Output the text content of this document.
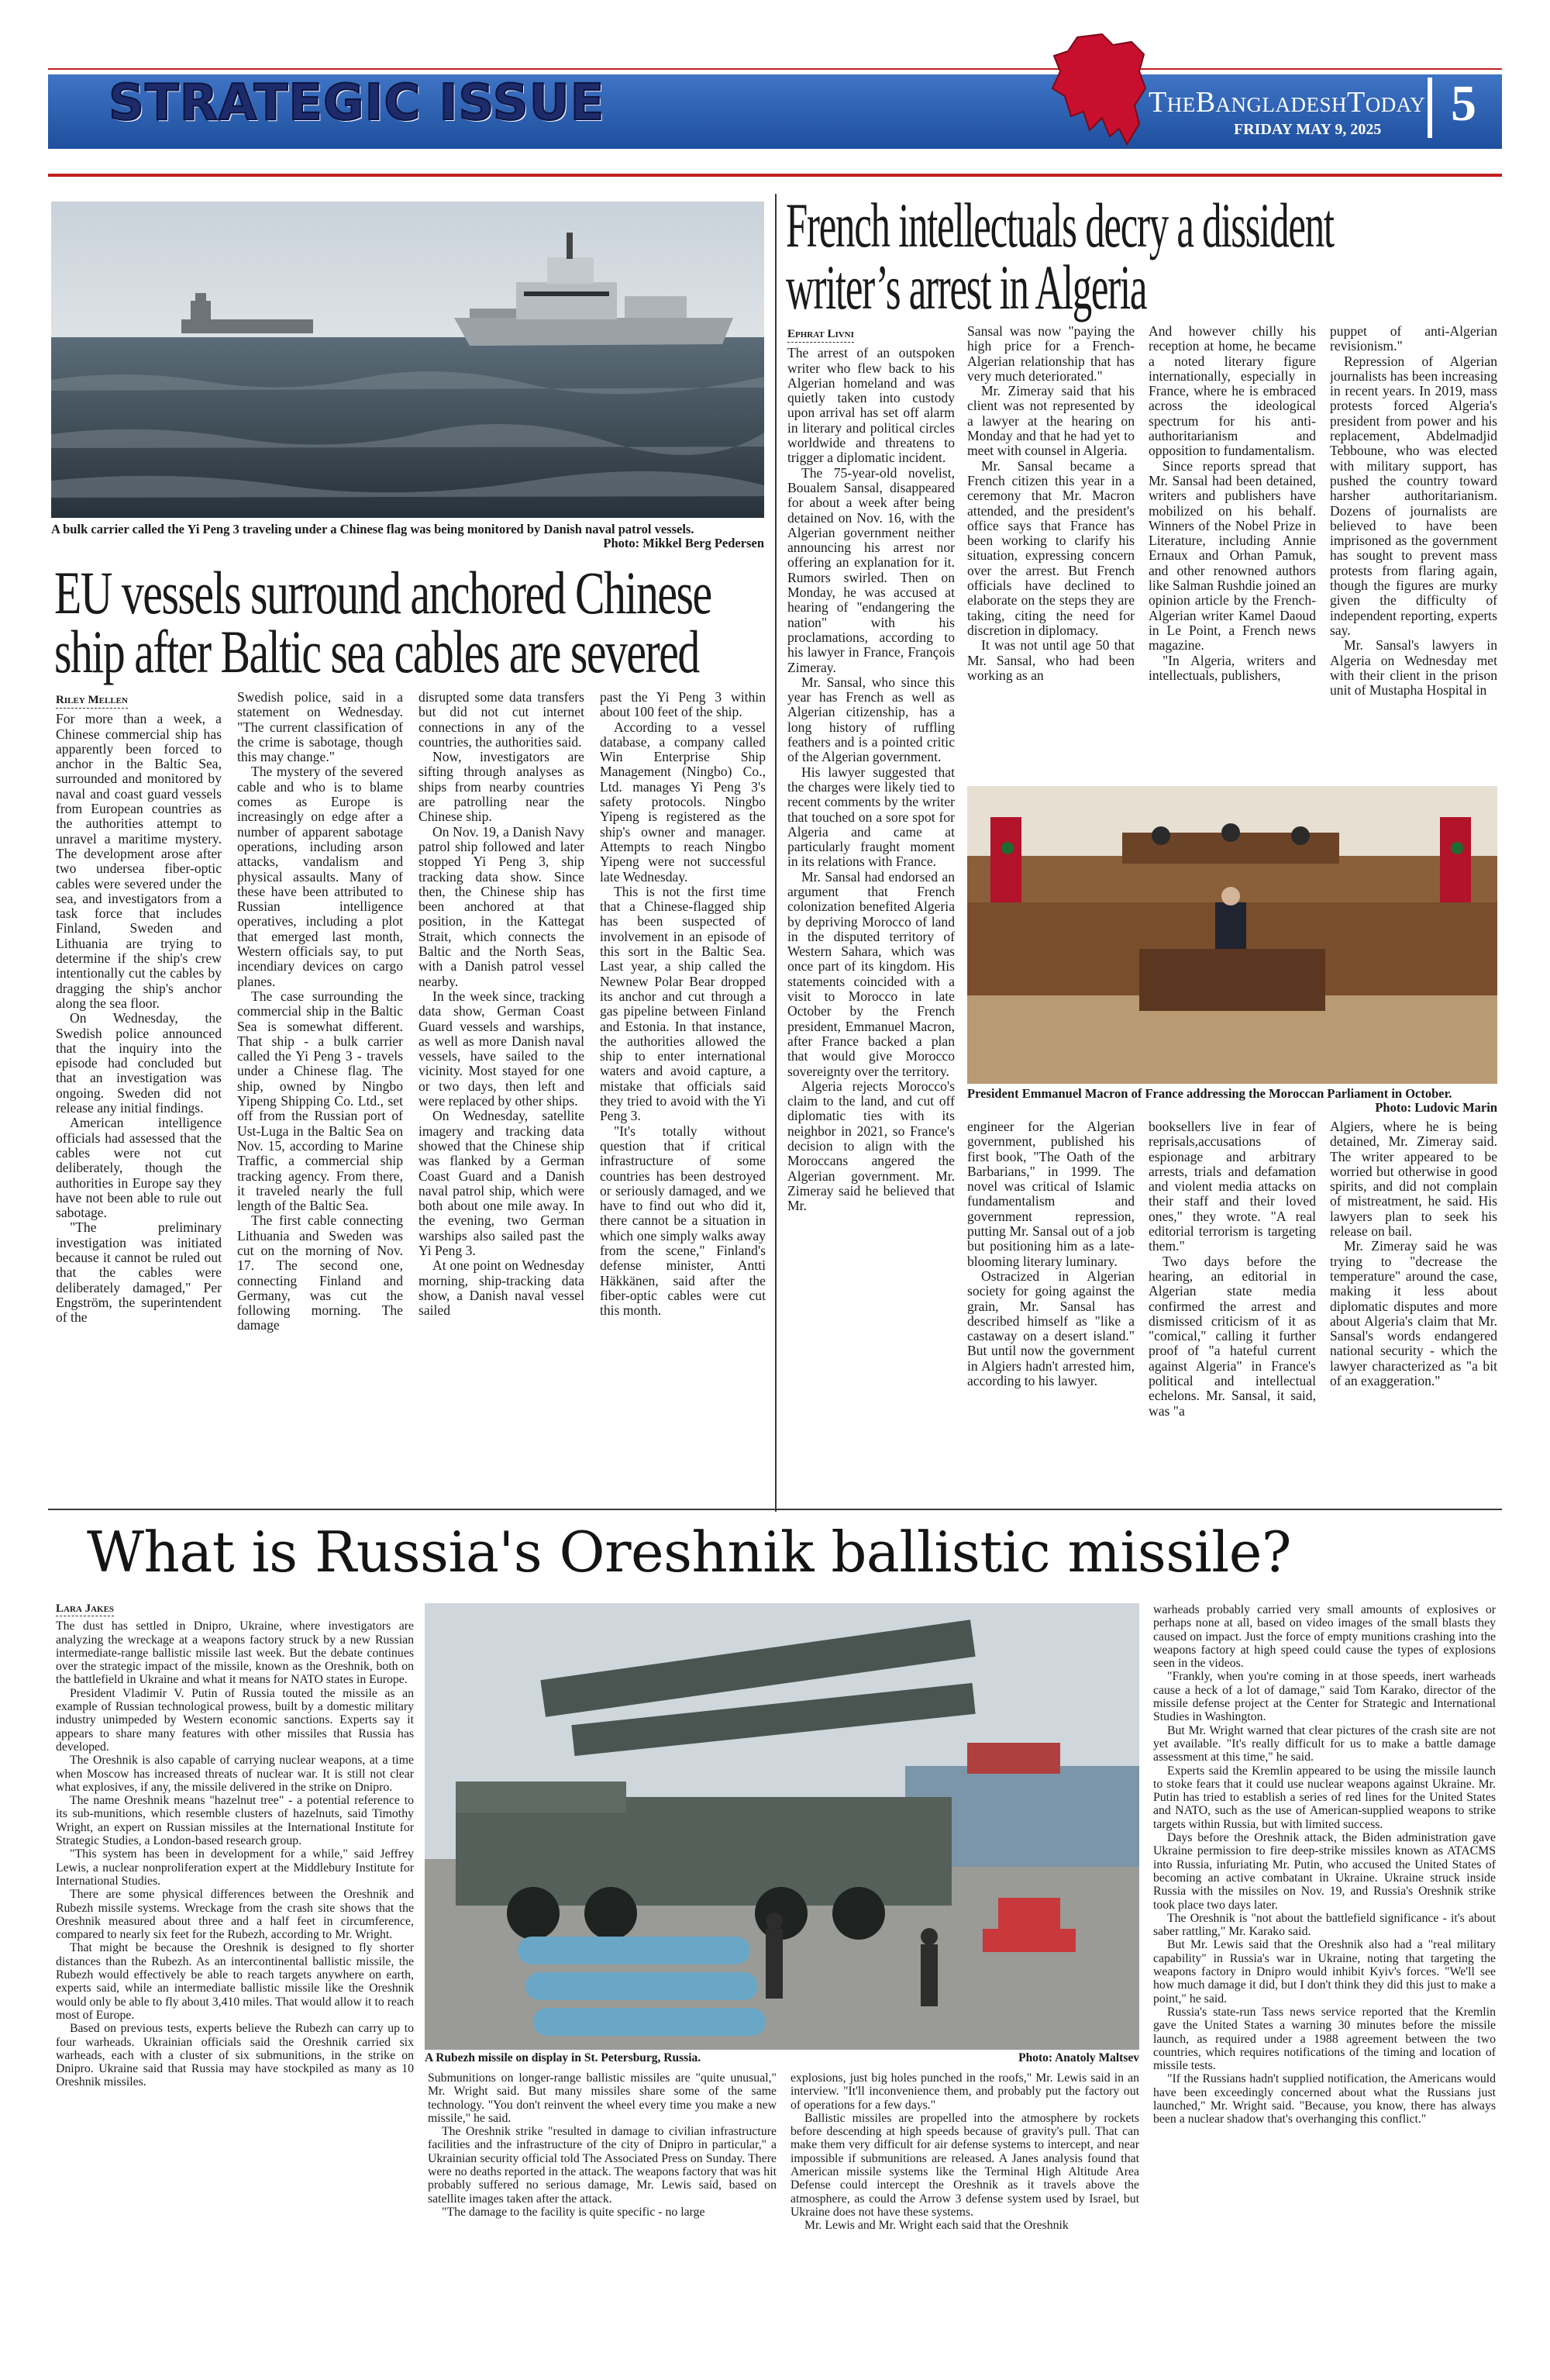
STRATEGIC ISSUE	TheBangladeshToday
FRIDAY MAY 9, 2025 5
A bulk carrier called the Yi Peng 3 traveling under a Chinese flag was being monitored by Danish naval patrol vessels.
Photo: Mikkel Berg Pedersen
EU vessels surround anchored Chinese
ship after Baltic sea cables are severed
Riley Mellen

For more than a week, a Chinese commercial ship has apparently been forced to anchor in the Baltic Sea, surrounded and monitored by naval and coast guard vessels from European countries as the authorities attempt to unravel a maritime mystery. The development arose after two undersea fiber-optic cables were severed under the sea, and investigators from a task force that includes Finland, Sweden and Lithuania are trying to determine if the ship's crew intentionally cut the cables by dragging the ship's anchor along the sea floor.

On Wednesday, the Swedish police announced that the inquiry into the episode had concluded but that an investigation was ongoing. Sweden did not release any initial findings.

American intelligence officials had assessed that the cables were not cut deliberately, though the authorities in Europe say they have not been able to rule out sabotage.

"The preliminary investigation was initiated because it cannot be ruled out that the cables were deliberately damaged," Per Engström, the superintendent of the

Swedish police, said in a statement on Wednesday. "The current classification of the crime is sabotage, though this may change."

The mystery of the severed cable and who is to blame comes as Europe is increasingly on edge after a number of apparent sabotage operations, including arson attacks, vandalism and physical assaults. Many of these have been attributed to Russian intelligence operatives, including a plot that emerged last month, Western officials say, to put incendiary devices on cargo planes.

The case surrounding the commercial ship in the Baltic Sea is somewhat different. That ship - a bulk carrier called the Yi Peng 3 - travels under a Chinese flag. The ship, owned by Ningbo Yipeng Shipping Co. Ltd., set off from the Russian port of Ust-Luga in the Baltic Sea on Nov. 15, according to Marine Traffic, a commercial ship tracking agency. From there, it traveled nearly the full length of the Baltic Sea.

The first cable connecting Lithuania and Sweden was cut on the morning of Nov. 17. The second one, connecting Finland and Germany, was cut the following morning. The damage

disrupted some data transfers but did not cut internet connections in any of the countries, the authorities said.

Now, investigators are sifting through analyses as ships from nearby countries are patrolling near the Chinese ship.

On Nov. 19, a Danish Navy patrol ship followed and later stopped Yi Peng 3, ship tracking data show. Since then, the Chinese ship has been anchored at that position, in the Kattegat Strait, which connects the Baltic and the North Seas, with a Danish patrol vessel nearby.

In the week since, tracking data show, German Coast Guard vessels and warships, as well as more Danish naval vessels, have sailed to the vicinity. Most stayed for one or two days, then left and were replaced by other ships.

On Wednesday, satellite imagery and tracking data showed that the Chinese ship was flanked by a German Coast Guard and a Danish naval patrol ship, which were both about one mile away. In the evening, two German warships also sailed past the Yi Peng 3.

At one point on Wednesday morning, ship-tracking data show, a Danish naval vessel sailed

past the Yi Peng 3 within about 100 feet of the ship.

According to a vessel database, a company called Win Enterprise Ship Management (Ningbo) Co., Ltd. manages Yi Peng 3's safety protocols. Ningbo Yipeng is registered as the ship's owner and manager. Attempts to reach Ningbo Yipeng were not successful late Wednesday.

This is not the first time that a Chinese-flagged ship has been suspected of involvement in an episode of this sort in the Baltic Sea. Last year, a ship called the Newnew Polar Bear dropped its anchor and cut through a gas pipeline between Finland and Estonia. In that instance, the authorities allowed the ship to enter international waters and avoid capture, a mistake that officials said they tried to avoid with the Yi Peng 3.

"It's totally without question that if critical infrastructure of some countries has been destroyed or seriously damaged, and we have to find out who did it, there cannot be a situation in which one simply walks away from the scene," Finland's defense minister, Antti Häkkänen, said after the fiber-optic cables were cut this month.

French intellectuals decry a dissident
writer’s arrest in Algeria
Ephrat Livni

The arrest of an outspoken writer who flew back to his Algerian homeland and was quietly taken into custody upon arrival has set off alarm in literary and political circles worldwide and threatens to trigger a diplomatic incident.

The 75-year-old novelist, Boualem Sansal, disappeared for about a week after being detained on Nov. 16, with the Algerian government neither announcing his arrest nor offering an explanation for it. Rumors swirled. Then on Monday, he was accused at hearing of "endangering the nation" with his proclamations, according to his lawyer in France, François Zimeray.

Mr. Sansal, who since this year has French as well as Algerian citizenship, has a long history of ruffling feathers and is a pointed critic of the Algerian government.

His lawyer suggested that the charges were likely tied to recent comments by the writer that touched on a sore spot for Algeria and came at particularly fraught moment in its relations with France.

Mr. Sansal had endorsed an argument that French colonization benefited Algeria by depriving Morocco of land in the disputed territory of Western Sahara, which was once part of its kingdom. His statements coincided with a visit to Morocco in late October by the French president, Emmanuel Macron, after France backed a plan that would give Morocco sovereignty over the territory.

Algeria rejects Morocco's claim to the land, and cut off diplomatic ties with its neighbor in 2021, so France's decision to align with the Moroccans angered the Algerian government. Mr. Zimeray said he believed that Mr.

Sansal was now "paying the high price for a French-Algerian relationship that has very much deteriorated."

Mr. Zimeray said that his client was not represented by a lawyer at the hearing on Monday and that he had yet to meet with counsel in Algeria.

Mr. Sansal became a French citizen this year in a ceremony that Mr. Macron attended, and the president's office says that France has been working to clarify his situation, expressing concern over the arrest. But French officials have declined to elaborate on the steps they are taking, citing the need for discretion in diplomacy.

It was not until age 50 that Mr. Sansal, who had been working as an

And however chilly his reception at home, he became a noted literary figure internationally, especially in France, where he is embraced across the ideological spectrum for his anti-authoritarianism and opposition to fundamentalism.

Since reports spread that Mr. Sansal had been detained, writers and publishers have mobilized on his behalf. Winners of the Nobel Prize in Literature, including Annie Ernaux and Orhan Pamuk, and other renowned authors like Salman Rushdie joined an opinion article by the French-Algerian writer Kamel Daoud in Le Point, a French news magazine.

"In Algeria, writers and intellectuals, publishers,

puppet of anti-Algerian revisionism."

Repression of Algerian journalists has been increasing in recent years. In 2019, mass protests forced Algeria's president from power and his replacement, Abdelmadjid Tebboune, who was elected with military support, has pushed the country toward harsher authoritarianism. Dozens of journalists are believed to have been imprisoned as the government has sought to prevent mass protests from flaring again, though the figures are murky given the difficulty of independent reporting, experts say.

Mr. Sansal's lawyers in Algeria on Wednesday met with their client in the prison unit of Mustapha Hospital in

President Emmanuel Macron of France addressing the Moroccan Parliament in October.
Photo: Ludovic Marin

engineer for the Algerian government, published his first book, "The Oath of the Barbarians," in 1999. The novel was critical of Islamic fundamentalism and government repression, putting Mr. Sansal out of a job but positioning him as a late-blooming literary luminary.

Ostracized in Algerian society for going against the grain, Mr. Sansal has described himself as "like a castaway on a desert island." But until now the government in Algiers hadn't arrested him, according to his lawyer.

booksellers live in fear of reprisals,accusations of espionage and arbitrary arrests, trials and defamation and violent media attacks on their staff and their loved ones," they wrote. "A real editorial terrorism is targeting them."

Two days before the hearing, an editorial in Algerian state media confirmed the arrest and dismissed criticism of it as "comical," calling it further proof of "a hateful current against Algeria" in France's political and intellectual echelons. Mr. Sansal, it said, was "a

Algiers, where he is being detained, Mr. Zimeray said. The writer appeared to be worried but otherwise in good spirits, and did not complain of mistreatment, he said. His lawyers plan to seek his release on bail.

Mr. Zimeray said he was trying to "decrease the temperature" around the case, making it less about diplomatic disputes and more about Algeria's claim that Mr. Sansal's words endangered national security - which the lawyer characterized as "a bit of an exaggeration."

What is Russia's Oreshnik ballistic missile?
Lara Jakes

The dust has settled in Dnipro, Ukraine, where investigators are analyzing the wreckage at a weapons factory struck by a new Russian intermediate-range ballistic missile last week. But the debate continues over the strategic impact of the missile, known as the Oreshnik, both on the battlefield in Ukraine and what it means for NATO states in Europe.

President Vladimir V. Putin of Russia touted the missile as an example of Russian technological prowess, built by a domestic military industry unimpeded by Western economic sanctions. Experts say it appears to share many features with other missiles that Russia has developed.

The Oreshnik is also capable of carrying nuclear weapons, at a time when Moscow has increased threats of nuclear war. It is still not clear what explosives, if any, the missile delivered in the strike on Dnipro.

The name Oreshnik means "hazelnut tree" - a potential reference to its sub-munitions, which resemble clusters of hazelnuts, said Timothy Wright, an expert on Russian missiles at the International Institute for Strategic Studies, a London-based research group.

"This system has been in development for a while," said Jeffrey Lewis, a nuclear nonproliferation expert at the Middlebury Institute for International Studies.

There are some physical differences between the Oreshnik and Rubezh missile systems. Wreckage from the crash site shows that the Oreshnik measured about three and a half feet in circumference, compared to nearly six feet for the Rubezh, according to Mr. Wright.

That might be because the Oreshnik is designed to fly shorter distances than the Rubezh. As an intercontinental ballistic missile, the Rubezh would effectively be able to reach targets anywhere on earth, experts said, while an intermediate ballistic missile like the Oreshnik would only be able to fly about 3,410 miles. That would allow it to reach most of Europe.

Based on previous tests, experts believe the Rubezh can carry up to four warheads. Ukrainian officials said the Oreshnik carried six warheads, each with a cluster of six submunitions, in the strike on Dnipro. Ukraine said that Russia may have stockpiled as many as 10 Oreshnik missiles.

A Rubezh missile on display in St. Petersburg, Russia.	Photo: Anatoly Maltsev

Submunitions on longer-range ballistic missiles are "quite unusual," Mr. Wright said. But many missiles share some of the same technology. "You don't reinvent the wheel every time you make a new missile," he said.

The Oreshnik strike "resulted in damage to civilian infrastructure facilities and the infrastructure of the city of Dnipro in particular," a Ukrainian security official told The Associated Press on Sunday. There were no deaths reported in the attack. The weapons factory that was hit probably suffered no serious damage, Mr. Lewis said, based on satellite images taken after the attack.

"The damage to the facility is quite specific - no large

explosions, just big holes punched in the roofs," Mr. Lewis said in an interview. "It'll inconvenience them, and probably put the factory out of operations for a few days."

Ballistic missiles are propelled into the atmosphere by rockets before descending at high speeds because of gravity's pull. That can make them very difficult for air defense systems to intercept, and near impossible if submunitions are released. A Janes analysis found that American missile systems like the Terminal High Altitude Area Defense could intercept the Oreshnik as it travels above the atmosphere, as could the Arrow 3 defense system used by Israel, but Ukraine does not have these systems.

Mr. Lewis and Mr. Wright each said that the Oreshnik

warheads probably carried very small amounts of explosives or perhaps none at all, based on video images of the small blasts they caused on impact. Just the force of empty munitions crashing into the weapons factory at high speed could cause the types of explosions seen in the videos.

"Frankly, when you're coming in at those speeds, inert warheads cause a heck of a lot of damage," said Tom Karako, director of the missile defense project at the Center for Strategic and International Studies in Washington.

But Mr. Wright warned that clear pictures of the crash site are not yet available. "It's really difficult for us to make a battle damage assessment at this time," he said.

Experts said the Kremlin appeared to be using the missile launch to stoke fears that it could use nuclear weapons against Ukraine. Mr. Putin has tried to establish a series of red lines for the United States and NATO, such as the use of American-supplied weapons to strike targets within Russia, but with limited success.

Days before the Oreshnik attack, the Biden administration gave Ukraine permission to fire deep-strike missiles known as ATACMS into Russia, infuriating Mr. Putin, who accused the United States of becoming an active combatant in Ukraine. Ukraine struck inside Russia with the missiles on Nov. 19, and Russia's Oreshnik strike took place two days later.

The Oreshnik is "not about the battlefield significance - it's about saber rattling," Mr. Karako said.

But Mr. Lewis said that the Oreshnik also had a "real military capability" in Russia's war in Ukraine, noting that targeting the weapons factory in Dnipro would inhibit Kyiv's forces. "We'll see how much damage it did, but I don't think they did this just to make a point," he said.

Russia's state-run Tass news service reported that the Kremlin gave the United States a warning 30 minutes before the missile launch, as required under a 1988 agreement between the two countries, which requires notifications of the timing and location of missile tests.

"If the Russians hadn't supplied notification, the Americans would have been exceedingly concerned about what the Russians just launched," Mr. Wright said. "Because, you know, there has always been a nuclear shadow that's overhanging this conflict."
